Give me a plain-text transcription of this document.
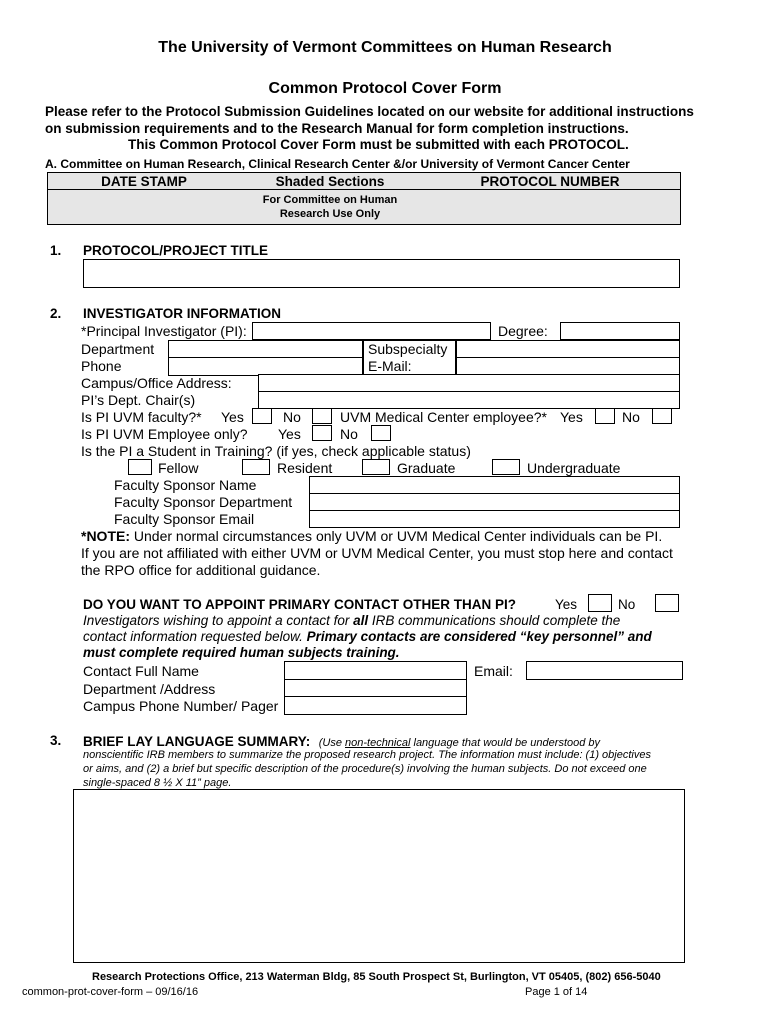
The University of Vermont Committees on Human Research
Common Protocol Cover Form
Please refer to the Protocol Submission Guidelines located on our website for additional instructions
on submission requirements and to the Research Manual for form completion instructions.
This Common Protocol Cover Form must be submitted with each PROTOCOL.
A. Committee on Human Research, Clinical Research Center &/or University of Vermont Cancer Center
DATE STAMP	Shaded Sections	PROTOCOL NUMBER
For Committee on Human
Research Use Only
1. PROTOCOL/PROJECT TITLE
2. INVESTIGATOR INFORMATION
*Principal Investigator (PI):	Degree:
Department	Subspecialty
Phone	E-Mail:
Campus/Office Address:
PI’s Dept. Chair(s)
Is PI UVM faculty?* Yes	No	UVM Medical Center employee?* Yes	No
Is PI UVM Employee only? Yes	No
Is the PI a Student in Training? (if yes, check applicable status)
Fellow	Resident	Graduate	Undergraduate
Faculty Sponsor Name
Faculty Sponsor Department
Faculty Sponsor Email
*NOTE: Under normal circumstances only UVM or UVM Medical Center individuals can be PI.
If you are not affiliated with either UVM or UVM Medical Center, you must stop here and contact
the RPO office for additional guidance.
DO YOU WANT TO APPOINT PRIMARY CONTACT OTHER THAN PI?	Yes	No
Investigators wishing to appoint a contact for all IRB communications should complete the
contact information requested below. Primary contacts are considered “key personnel” and
must complete required human subjects training.
Contact Full Name	Email:
Department /Address
Campus Phone Number/ Pager
3. BRIEF LAY LANGUAGE SUMMARY: (Use non-technical language that would be understood by
nonscientific IRB members to summarize the proposed research project. The information must include: (1) objectives
or aims, and (2) a brief but specific description of the procedure(s) involving the human subjects. Do not exceed one
single-spaced 8 ½ X 11” page.
Research Protections Office, 213 Waterman Bldg, 85 South Prospect St, Burlington, VT 05405, (802) 656-5040
common-prot-cover-form – 09/16/16	Page 1 of 14
